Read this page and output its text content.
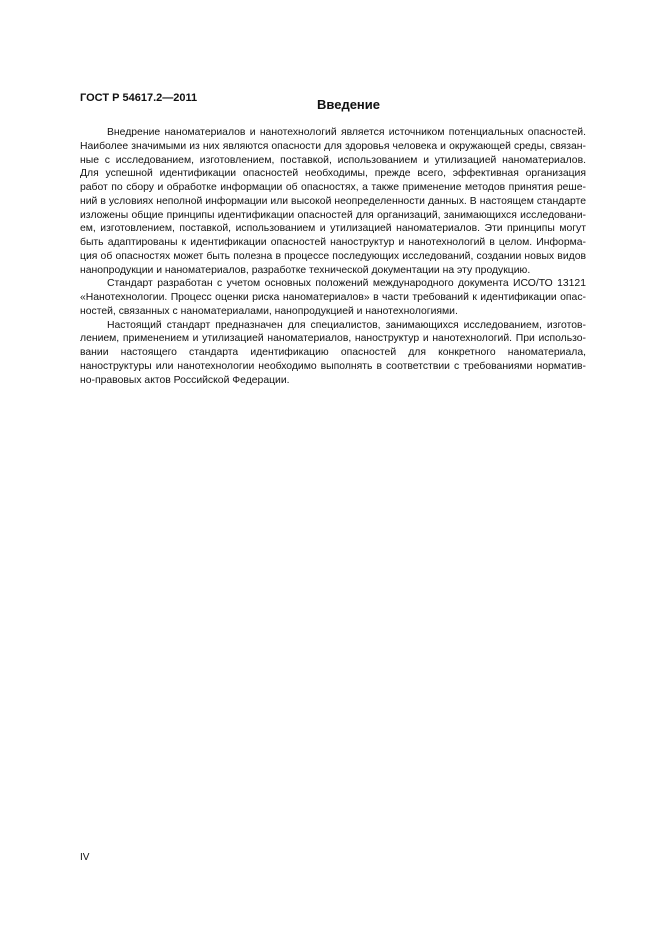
ГОСТ Р 54617.2—2011	Введение
Внедрение наноматериалов и нанотехнологий является источником потенциальных опасностей.
Наиболее значимыми из них являются опасности для здоровья человека и окружающей среды, связан-
ные с исследованием, изготовлением, поставкой, использованием и утилизацией наноматериалов.
Для успешной идентификации опасностей необходимы, прежде всего, эффективная организация
работ по сбору и обработке информации об опасностях, а также применение методов принятия реше-
ний в условиях неполной информации или высокой неопределенности данных. В настоящем стандарте
изложены общие принципы идентификации опасностей для организаций, занимающихся исследовани-
ем, изготовлением, поставкой, использованием и утилизацией наноматериалов. Эти принципы могут
быть адаптированы к идентификации опасностей наноструктур и нанотехнологий в целом. Информа-
ция об опасностях может быть полезна в процессе последующих исследований, создании новых видов
нанопродукции и наноматериалов, разработке технической документации на эту продукцию.
Стандарт разработан с учетом основных положений международного документа ИСО/ТО 13121
«Нанотехнологии. Процесс оценки риска наноматериалов» в части требований к идентификации опас-
ностей, связанных с наноматериалами, нанопродукцией и нанотехнологиями.
Настоящий стандарт предназначен для специалистов, занимающихся исследованием, изготов-
лением, применением и утилизацией наноматериалов, наноструктур и нанотехнологий. При использо-
вании настоящего стандарта идентификацию опасностей для конкретного наноматериала,
наноструктуры или нанотехнологии необходимо выполнять в соответствии с требованиями норматив-
но-правовых актов Российской Федерации.
IV
